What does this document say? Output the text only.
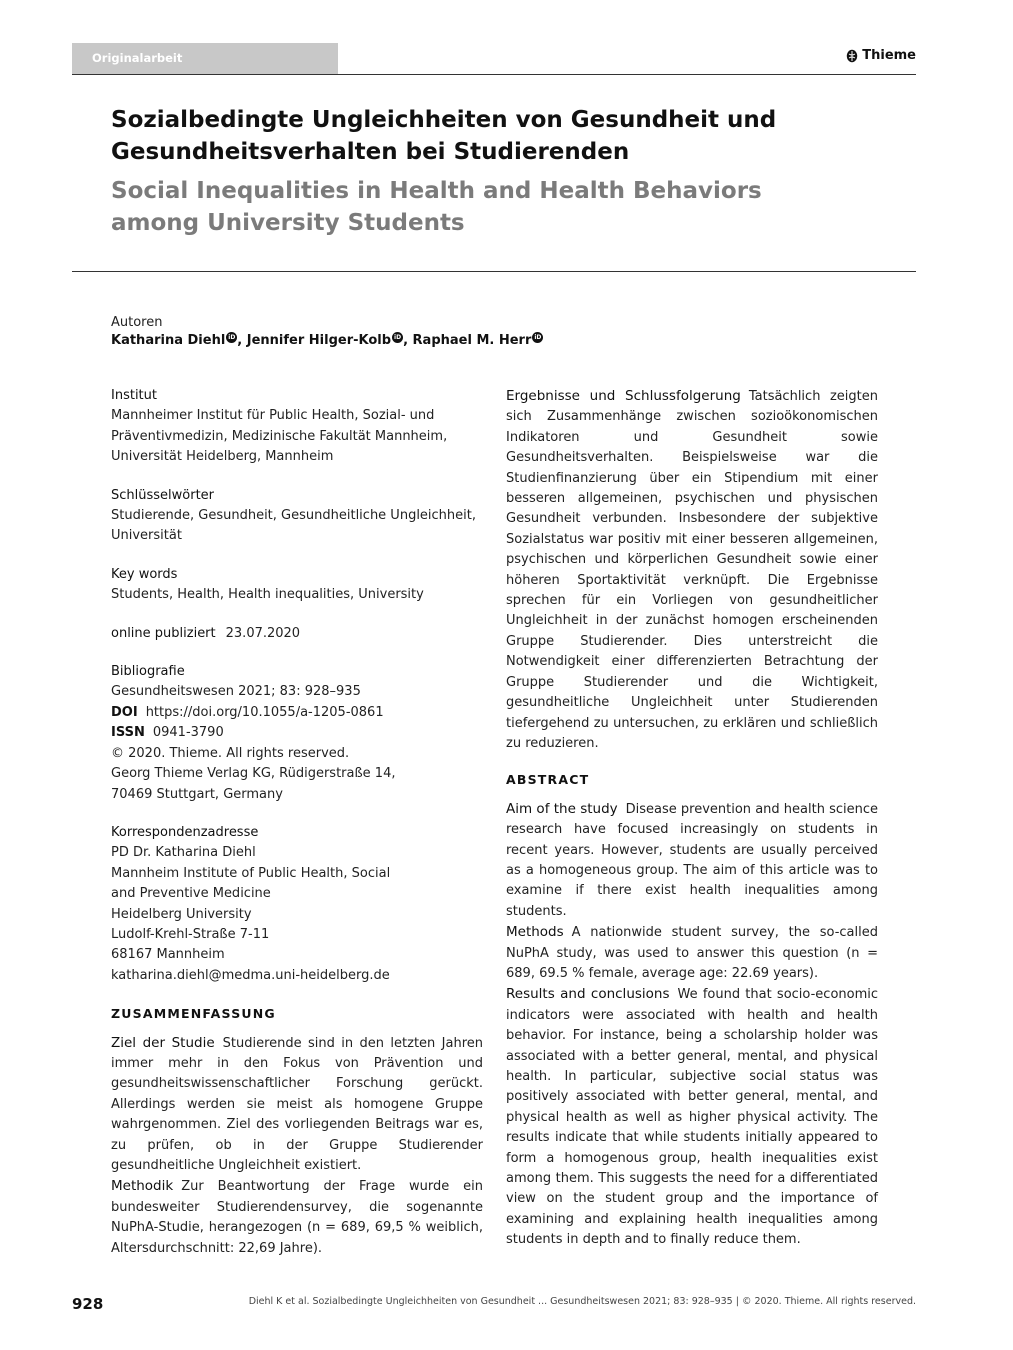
Originalarbeit	Thieme
Sozialbedingte Ungleichheiten von Gesundheit und Gesundheitsverhalten bei Studierenden
Social Inequalities in Health and Health Behaviors among University Students
Autoren
Katharina Diehl iD , Jennifer Hilger-Kolb iD , Raphael M. Herr iD
Institut
Mannheimer Institut für Public Health, Sozial- und Präventivmedizin, Medizinische Fakultät Mannheim, Universität Heidelberg, Mannheim
Schlüsselwörter
Studierende, Gesundheit, Gesundheitliche Ungleichheit, Universität
Key words
Students, Health, Health inequalities, University
online publiziert 23.07.2020
Bibliografie
Gesundheitswesen 2021; 83: 928–935
DOI https://doi.org/10.1055/a-1205-0861
ISSN 0941-3790
© 2020. Thieme. All rights reserved.
Georg Thieme Verlag KG, Rüdigerstraße 14,
70469 Stuttgart, Germany
Korrespondenzadresse
PD Dr. Katharina Diehl
Mannheim Institute of Public Health, Social
and Preventive Medicine
Heidelberg University
Ludolf-Krehl-Straße 7-11
68167 Mannheim
katharina.diehl@medma.uni-heidelberg.de
ZUSAMMENFASSUNG

Ziel der Studie Studierende sind in den letzten Jahren immer mehr in den Fokus von Prävention und gesundheitswissenschaftlicher Forschung gerückt. Allerdings werden sie meist als homogene Gruppe wahrgenommen. Ziel des vorliegenden Beitrags war es, zu prüfen, ob in der Gruppe Studierender gesundheitliche Ungleichheit existiert.

Methodik Zur Beantwortung der Frage wurde ein bundesweiter Studierendensurvey, die sogenannte NuPhA-Studie, herangezogen (n = 689, 69,5 % weiblich, Altersdurchschnitt: 22,69 Jahre).

Ergebnisse und Schlussfolgerung Tatsächlich zeigten sich Zusammenhänge zwischen sozioökonomischen Indikatoren und Gesundheit sowie Gesundheitsverhalten. Beispielsweise war die Studienfinanzierung über ein Stipendium mit einer besseren allgemeinen, psychischen und physischen Gesundheit verbunden. Insbesondere der subjektive Sozialstatus war positiv mit einer besseren allgemeinen, psychischen und körperlichen Gesundheit sowie einer höheren Sportaktivität verknüpft. Die Ergebnisse sprechen für ein Vorliegen von gesundheitlicher Ungleichheit in der zunächst homogen erscheinenden Gruppe Studierender. Dies unterstreicht die Notwendigkeit einer differenzierten Betrachtung der Gruppe Studierender und die Wichtigkeit, gesundheitliche Ungleichheit unter Studierenden tiefergehend zu untersuchen, zu erklären und schließlich zu reduzieren.

ABSTRACT

Aim of the study Disease prevention and health science research have focused increasingly on students in recent years. However, students are usually perceived as a homogeneous group. The aim of this article was to examine if there exist health inequalities among students.

Methods A nationwide student survey, the so-called NuPhA study, was used to answer this question (n = 689, 69.5 % female, average age: 22.69 years).

Results and conclusions We found that socio-economic indicators were associated with health and health behavior. For instance, being a scholarship holder was associated with a better general, mental, and physical health. In particular, subjective social status was positively associated with better general, mental, and physical health as well as higher physical activity. The results indicate that while students initially appeared to form a homogenous group, health inequalities exist among them. This suggests the need for a differentiated view on the student group and the importance of examining and explaining health inequalities among students in depth and to finally reduce them.

928	Diehl K et al. Sozialbedingte Ungleichheiten von Gesundheit ... Gesundheitswesen 2021; 83: 928–935 | © 2020. Thieme. All rights reserved.
